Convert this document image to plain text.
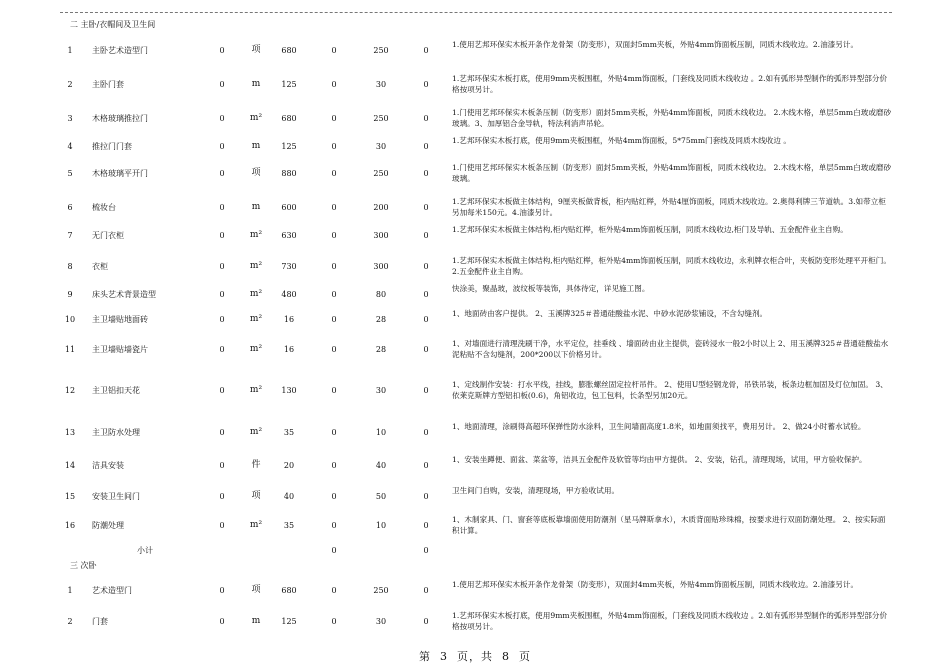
二 主卧/衣帽间及卫生间
1	主卧艺术造型门	0	项	680	0	250	0
1.使用艺邦环保实木板开条作龙骨架（防变形），双面封5mm夹板，外贴4mm饰面板压制，同质木线收边。2.油漆另计。
2	主卧门套	0	m	125	0	30	0
1.艺邦环保实木板打底，使用9mm夹板围框，外贴4mm饰面板，门套线及同质木线收边 。2.如有弧形异型制作的弧形异型部分价格按项另计。
3	木格玻璃推拉门	0	m²	680	0	250	0
1.门使用艺邦环保实木板条压制（防变形）面封5mm夹板，外贴4mm饰面板，同质木线收边。 2.木线木格，单层5mm白玻或磨砂玻璃。3、加厚铝合金导轨，特法利消声吊轮。
4	推拉门门套	0	m	125	0	30	0
1.艺邦环保实木板打底，使用9mm夹板围框，外贴4mm饰面板，5*75mm门套线及同质木线收边 。
5	木格玻璃平开门	0	项	880	0	250	0
1.门使用艺邦环保实木板条压制（防变形）面封5mm夹板，外贴4mm饰面板，同质木线收边。 2.木线木格，单层5mm白玻或磨砂玻璃。
6	梳妆台	0	m	600	0	200	0
1.艺邦环保实木板做主体结构，9厘夹板做背板，柜内贴红榉，外贴4厘饰面板，同质木线收边。2.奥得利牌三节道轨。3.如带立柜另加每米150元。4.油漆另计。
7	无门衣柜	0	m²	630	0	300	0
1.艺邦环保实木板做主体结构,柜内贴红榉，柜外贴4mm饰面板压制，同质木线收边,柜门及导轨、五金配件业主自购。
8	衣柜	0	m²	730	0	300	0
1.艺邦环保实木板做主体结构,柜内贴红榉，柜外贴4mm饰面板压制，同质木线收边，永利牌衣柜合叶，夹板防变形处理平开柜门。2.五金配件业主自购。
9	床头艺术背景造型	0	m²	480	0	80	0
快涂美，聚晶玻，波纹板等装饰，具体待定，详见施工图。
10	主卫墙贴地面砖	0	m²	16	0	28	0
1、地面砖由客户提供。 2、玉溪牌325＃普通硅酸盐水泥、中砂水泥砂浆铺设，不含勾缝剂。
11	主卫墙贴墙瓷片	0	m²	16	0	28	0
1、对墙面进行清理洗刷干净，水平定位，挂垂线 、墙面砖由业主提供，瓷砖浸水一般2小时以上 2、用玉溪牌325＃普通硅酸盐水泥粘贴不含勾缝剂，200*200以下价格另计。
12	主卫铝扣天花	0	m²	130	0	30	0
1、定线制作安装：打水平线，挂线，膨胀螺丝固定拉杆吊件。 2、使用U型轻钢龙骨，吊铁吊装，板条边框加固及灯位加固。 3、依莱克斯牌方型铝扣板(0.6)，角铝收边，包工包料，长条型另加20元。
13	主卫防水处理	0	m²	35	0	10	0
1、地面清理，涂刷得高超环保弹性防水涂料，卫生间墙面高度1.8米，如地面须找平，费用另计。 2、做24小时蓄水试验。
14	洁具安装	0	件	20	0	40	0
1、安装坐蹲便、面盆、菜盆等，洁具五金配件及软管等均由甲方提供。 2、安装，钻孔，清理现场，试用，甲方验收保护。
15	安装卫生间门	0	项	40	0	50	0
卫生间门自购，安装，清理现场，甲方验收试用。
16	防潮处理	0	m²	35	0	10	0
1、木制家具、门、窗套等底板靠墙面使用防潮剂（星马牌斯拿水），木质背面贴珍珠棉，按要求进行双面防潮处理。 2、按实际面积计算。
小计	0	0
三 次卧
1	艺术造型门	0	项	680	0	250	0
1.使用艺邦环保实木板开条作龙骨架（防变形），双面封4mm夹板，外贴4mm饰面板压制，同质木线收边。2.油漆另计。
2	门套	0	m	125	0	30	0
1.艺邦环保实木板打底，使用9mm夹板围框，外贴4mm饰面板，门套线及同质木线收边 。2.如有弧形异型制作的弧形异型部分价格按项另计。
第  3  页，共  8  页
